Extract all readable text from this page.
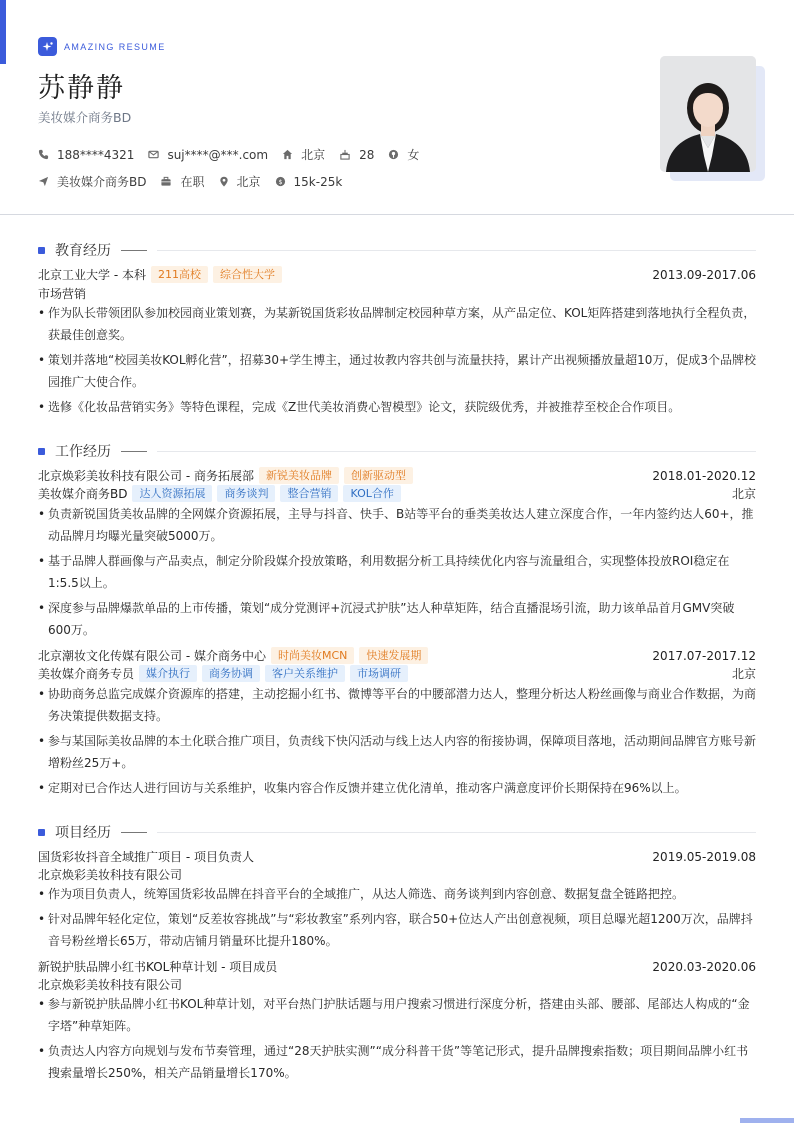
AMAZING RESUME
苏静静
美妆媒介商务BD
188****4321	suj****@***.com	北京	28	女
美妆媒介商务BD	在职	北京 $ 15k-25k
教育经历
北京工业大学 - 本科	211高校	综合性大学	2013.09-2017.06
市场营销
• 作为队长带领团队参加校园商业策划赛，为某新锐国货彩妆品牌制定校园种草方案，从产品定位、KOL矩阵搭建到落地执行全程负责，获最佳创意奖。
• 策划并落地“校园美妆KOL孵化营”，招募30+学生博主，通过妆教内容共创与流量扶持，累计产出视频播放量超10万，促成3个品牌校园推广大使合作。
• 选修《化妆品营销实务》等特色课程，完成《Z世代美妆消费心智模型》论文，获院级优秀，并被推荐至校企合作项目。
工作经历
北京焕彩美妆科技有限公司 - 商务拓展部	新锐美妆品牌	创新驱动型	2018.01-2020.12
美妆媒介商务BD	达人资源拓展	商务谈判	整合营销	KOL合作	北京
• 负责新锐国货美妆品牌的全网媒介资源拓展，主导与抖音、快手、B站等平台的垂类美妆达人建立深度合作，一年内签约达人60+，推动品牌月均曝光量突破5000万。
• 基于品牌人群画像与产品卖点，制定分阶段媒介投放策略，利用数据分析工具持续优化内容与流量组合，实现整体投放ROI稳定在1:5.5以上。
• 深度参与品牌爆款单品的上市传播，策划“成分党测评+沉浸式护肤”达人种草矩阵，结合直播混场引流，助力该单品首月GMV突破600万。
北京潮妆文化传媒有限公司 - 媒介商务中心	时尚美妆MCN	快速发展期	2017.07-2017.12
美妆媒介商务专员	媒介执行	商务协调	客户关系维护	市场调研	北京
• 协助商务总监完成媒介资源库的搭建，主动挖掘小红书、微博等平台的中腰部潜力达人，整理分析达人粉丝画像与商业合作数据，为商务决策提供数据支持。
• 参与某国际美妆品牌的本土化联合推广项目，负责线下快闪活动与线上达人内容的衔接协调，保障项目落地，活动期间品牌官方账号新增粉丝25万+。
• 定期对已合作达人进行回访与关系维护，收集内容合作反馈并建立优化清单，推动客户满意度评价长期保持在96%以上。
项目经历
国货彩妆抖音全域推广项目 - 项目负责人	2019.05-2019.08
北京焕彩美妆科技有限公司
• 作为项目负责人，统筹国货彩妆品牌在抖音平台的全域推广，从达人筛选、商务谈判到内容创意、数据复盘全链路把控。
• 针对品牌年轻化定位，策划“反差妆容挑战”与“彩妆教室”系列内容，联合50+位达人产出创意视频，项目总曝光超1200万次，品牌抖音号粉丝增长65万，带动店铺月销量环比提升180%。
新锐护肤品牌小红书KOL种草计划 - 项目成员	2020.03-2020.06
北京焕彩美妆科技有限公司
• 参与新锐护肤品牌小红书KOL种草计划，对平台热门护肤话题与用户搜索习惯进行深度分析，搭建由头部、腰部、尾部达人构成的“金字塔”种草矩阵。
• 负责达人内容方向规划与发布节奏管理，通过“28天护肤实测”“成分科普干货”等笔记形式，提升品牌搜索指数；项目期间品牌小红书搜索量增长250%，相关产品销量增长170%。
